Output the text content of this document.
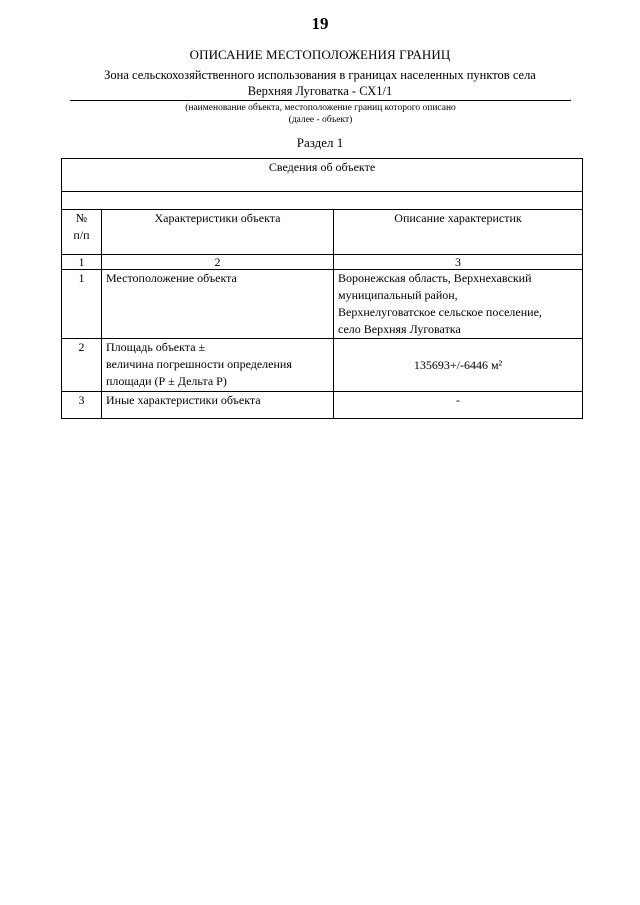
19
ОПИСАНИЕ МЕСТОПОЛОЖЕНИЯ ГРАНИЦ
Зона сельскохозяйственного использования в границах населенных пунктов села
Верхняя Луговатка - СХ1/1
(наименование объекта, местоположение границ которого описано
(далее - объект)
Раздел 1
Сведения об объекте		

№
п/п	Характеристики объекта	Описание характеристик
1	2	3
1	Местоположение объекта	Воронежская область, Верхнехавский
муниципальный район,
Верхнелуговатское сельское поселение,
село Верхняя Луговатка

2	Площадь объекта ±
величина погрешности определения
площади (Р ± Дельта Р)	135693+/-6446 м²
3	Иные характеристики объекта	-
